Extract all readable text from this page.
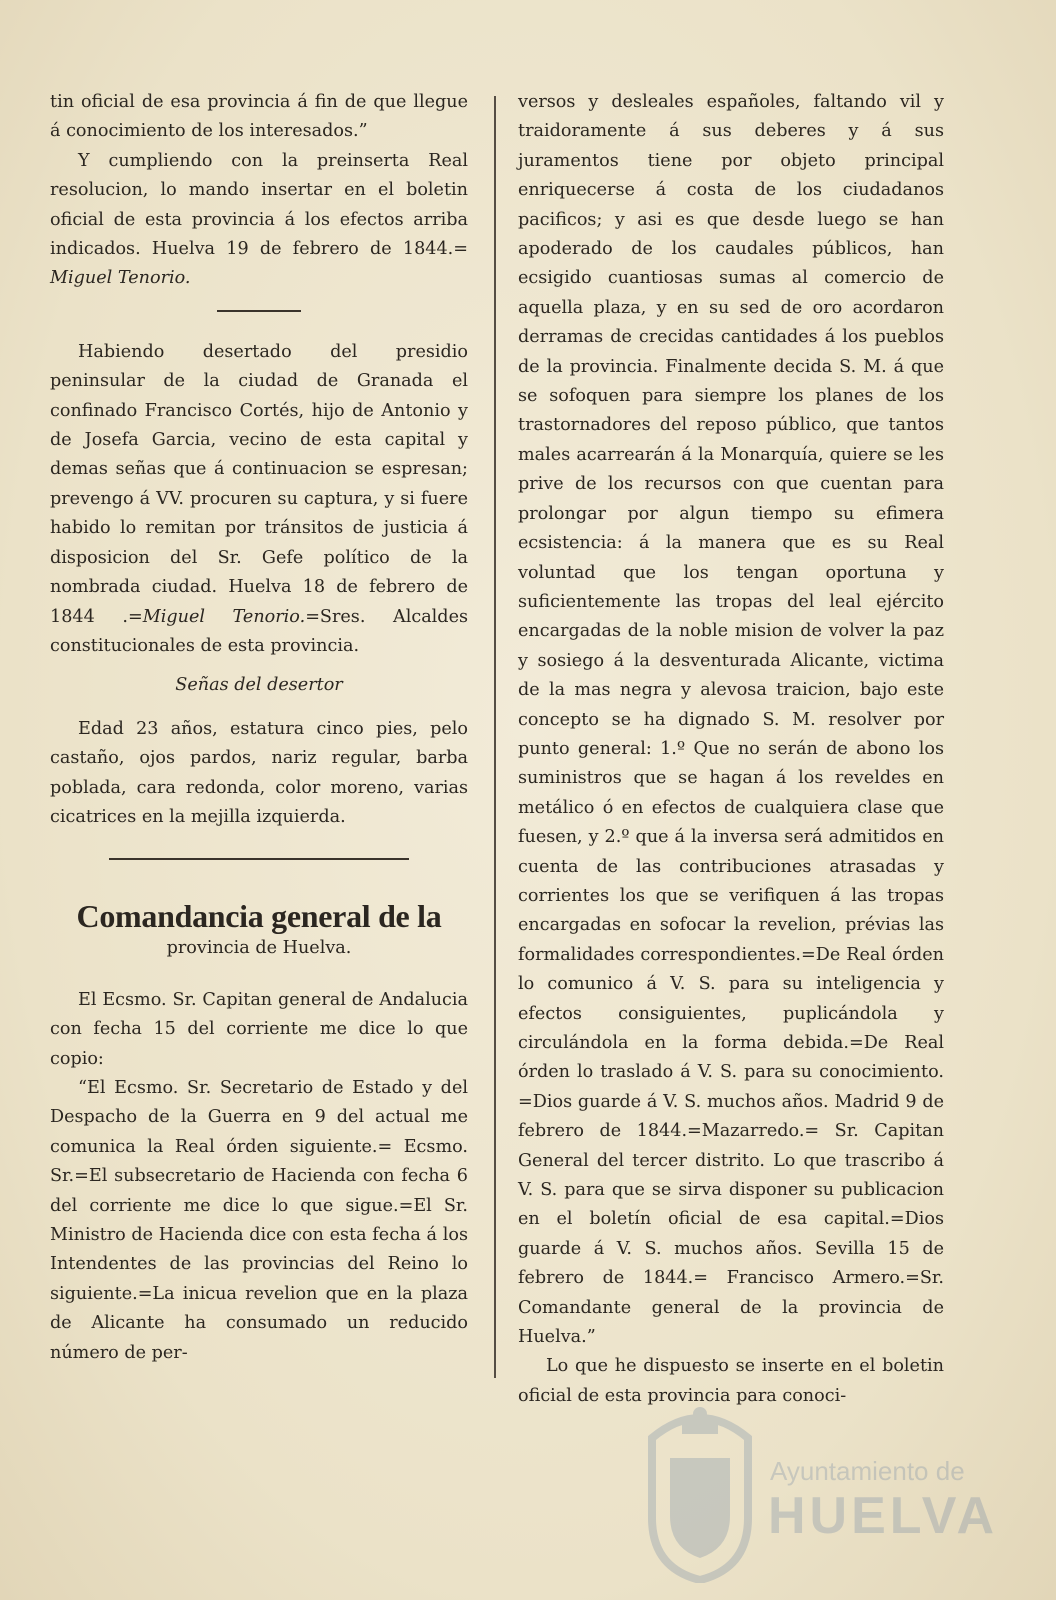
tin oficial de esa provincia á fin de que llegue á conocimiento de los interesados.”

Y cumpliendo con la preinserta Real resolucion, lo mando insertar en el boletin oficial de esta provincia á los efectos arriba indicados. Huelva 19 de febrero de 1844.= Miguel Tenorio.

Habiendo desertado del presidio peninsular de la ciudad de Granada el confinado Francisco Cortés, hijo de Antonio y de Josefa Garcia, vecino de esta capital y demas señas que á continuacion se espresan; prevengo á VV. procuren su captura, y si fuere habido lo remitan por tránsitos de justicia á disposicion del Sr. Gefe político de la nombrada ciudad. Huelva 18 de febrero de 1844 .=Miguel Tenorio.=Sres. Alcaldes constitucionales de esta provincia.

Señas del desertor

Edad 23 años, estatura cinco pies, pelo castaño, ojos pardos, nariz regular, barba poblada, cara redonda, color moreno, varias cicatrices en la mejilla izquierda.

Comandancia general de la

provincia de Huelva.

El Ecsmo. Sr. Capitan general de Andalucia con fecha 15 del corriente me dice lo que copio:

“El Ecsmo. Sr. Secretario de Estado y del Despacho de la Guerra en 9 del actual me comunica la Real órden siguiente.= Ecsmo. Sr.=El subsecretario de Hacienda con fecha 6 del corriente me dice lo que sigue.=El Sr. Ministro de Hacienda dice con esta fecha á los Intendentes de las provincias del Reino lo siguiente.=La inicua revelion que en la plaza de Alicante ha consumado un reducido número de per-

versos y desleales españoles, faltando vil y traidoramente á sus deberes y á sus juramentos tiene por objeto principal enriquecerse á costa de los ciudadanos pacificos; y asi es que desde luego se han apoderado de los caudales públicos, han ecsigido cuantiosas sumas al comercio de aquella plaza, y en su sed de oro acordaron derramas de crecidas cantidades á los pueblos de la provincia. Finalmente decida S. M. á que se sofoquen para siempre los planes de los trastornadores del reposo público, que tantos males acarrearán á la Monarquía, quiere se les prive de los recursos con que cuentan para prolongar por algun tiempo su efimera ecsistencia: á la manera que es su Real voluntad que los tengan oportuna y suficientemente las tropas del leal ejército encargadas de la noble mision de volver la paz y sosiego á la desventurada Alicante, victima de la mas negra y alevosa traicion, bajo este concepto se ha dignado S. M. resolver por punto general: 1.º Que no serán de abono los suministros que se hagan á los reveldes en metálico ó en efectos de cualquiera clase que fuesen, y 2.º que á la inversa será admitidos en cuenta de las contribuciones atrasadas y corrientes los que se verifiquen á las tropas encargadas en sofocar la revelion, prévias las formalidades correspondientes.=De Real órden lo comunico á V. S. para su inteligencia y efectos consiguientes, puplicándola y circulándola en la forma debida.=De Real órden lo traslado á V. S. para su conocimiento. =Dios guarde á V. S. muchos años. Madrid 9 de febrero de 1844.=Mazarredo.= Sr. Capitan General del tercer distrito. Lo que trascribo á V. S. para que se sirva disponer su publicacion en el boletín oficial de esa capital.=Dios guarde á V. S. muchos años. Sevilla 15 de febrero de 1844.= Francisco Armero.=Sr. Comandante general de la provincia de Huelva.”

Lo que he dispuesto se inserte en el boletin oficial de esta provincia para conoci-

Ayuntamiento de
HUELVA
